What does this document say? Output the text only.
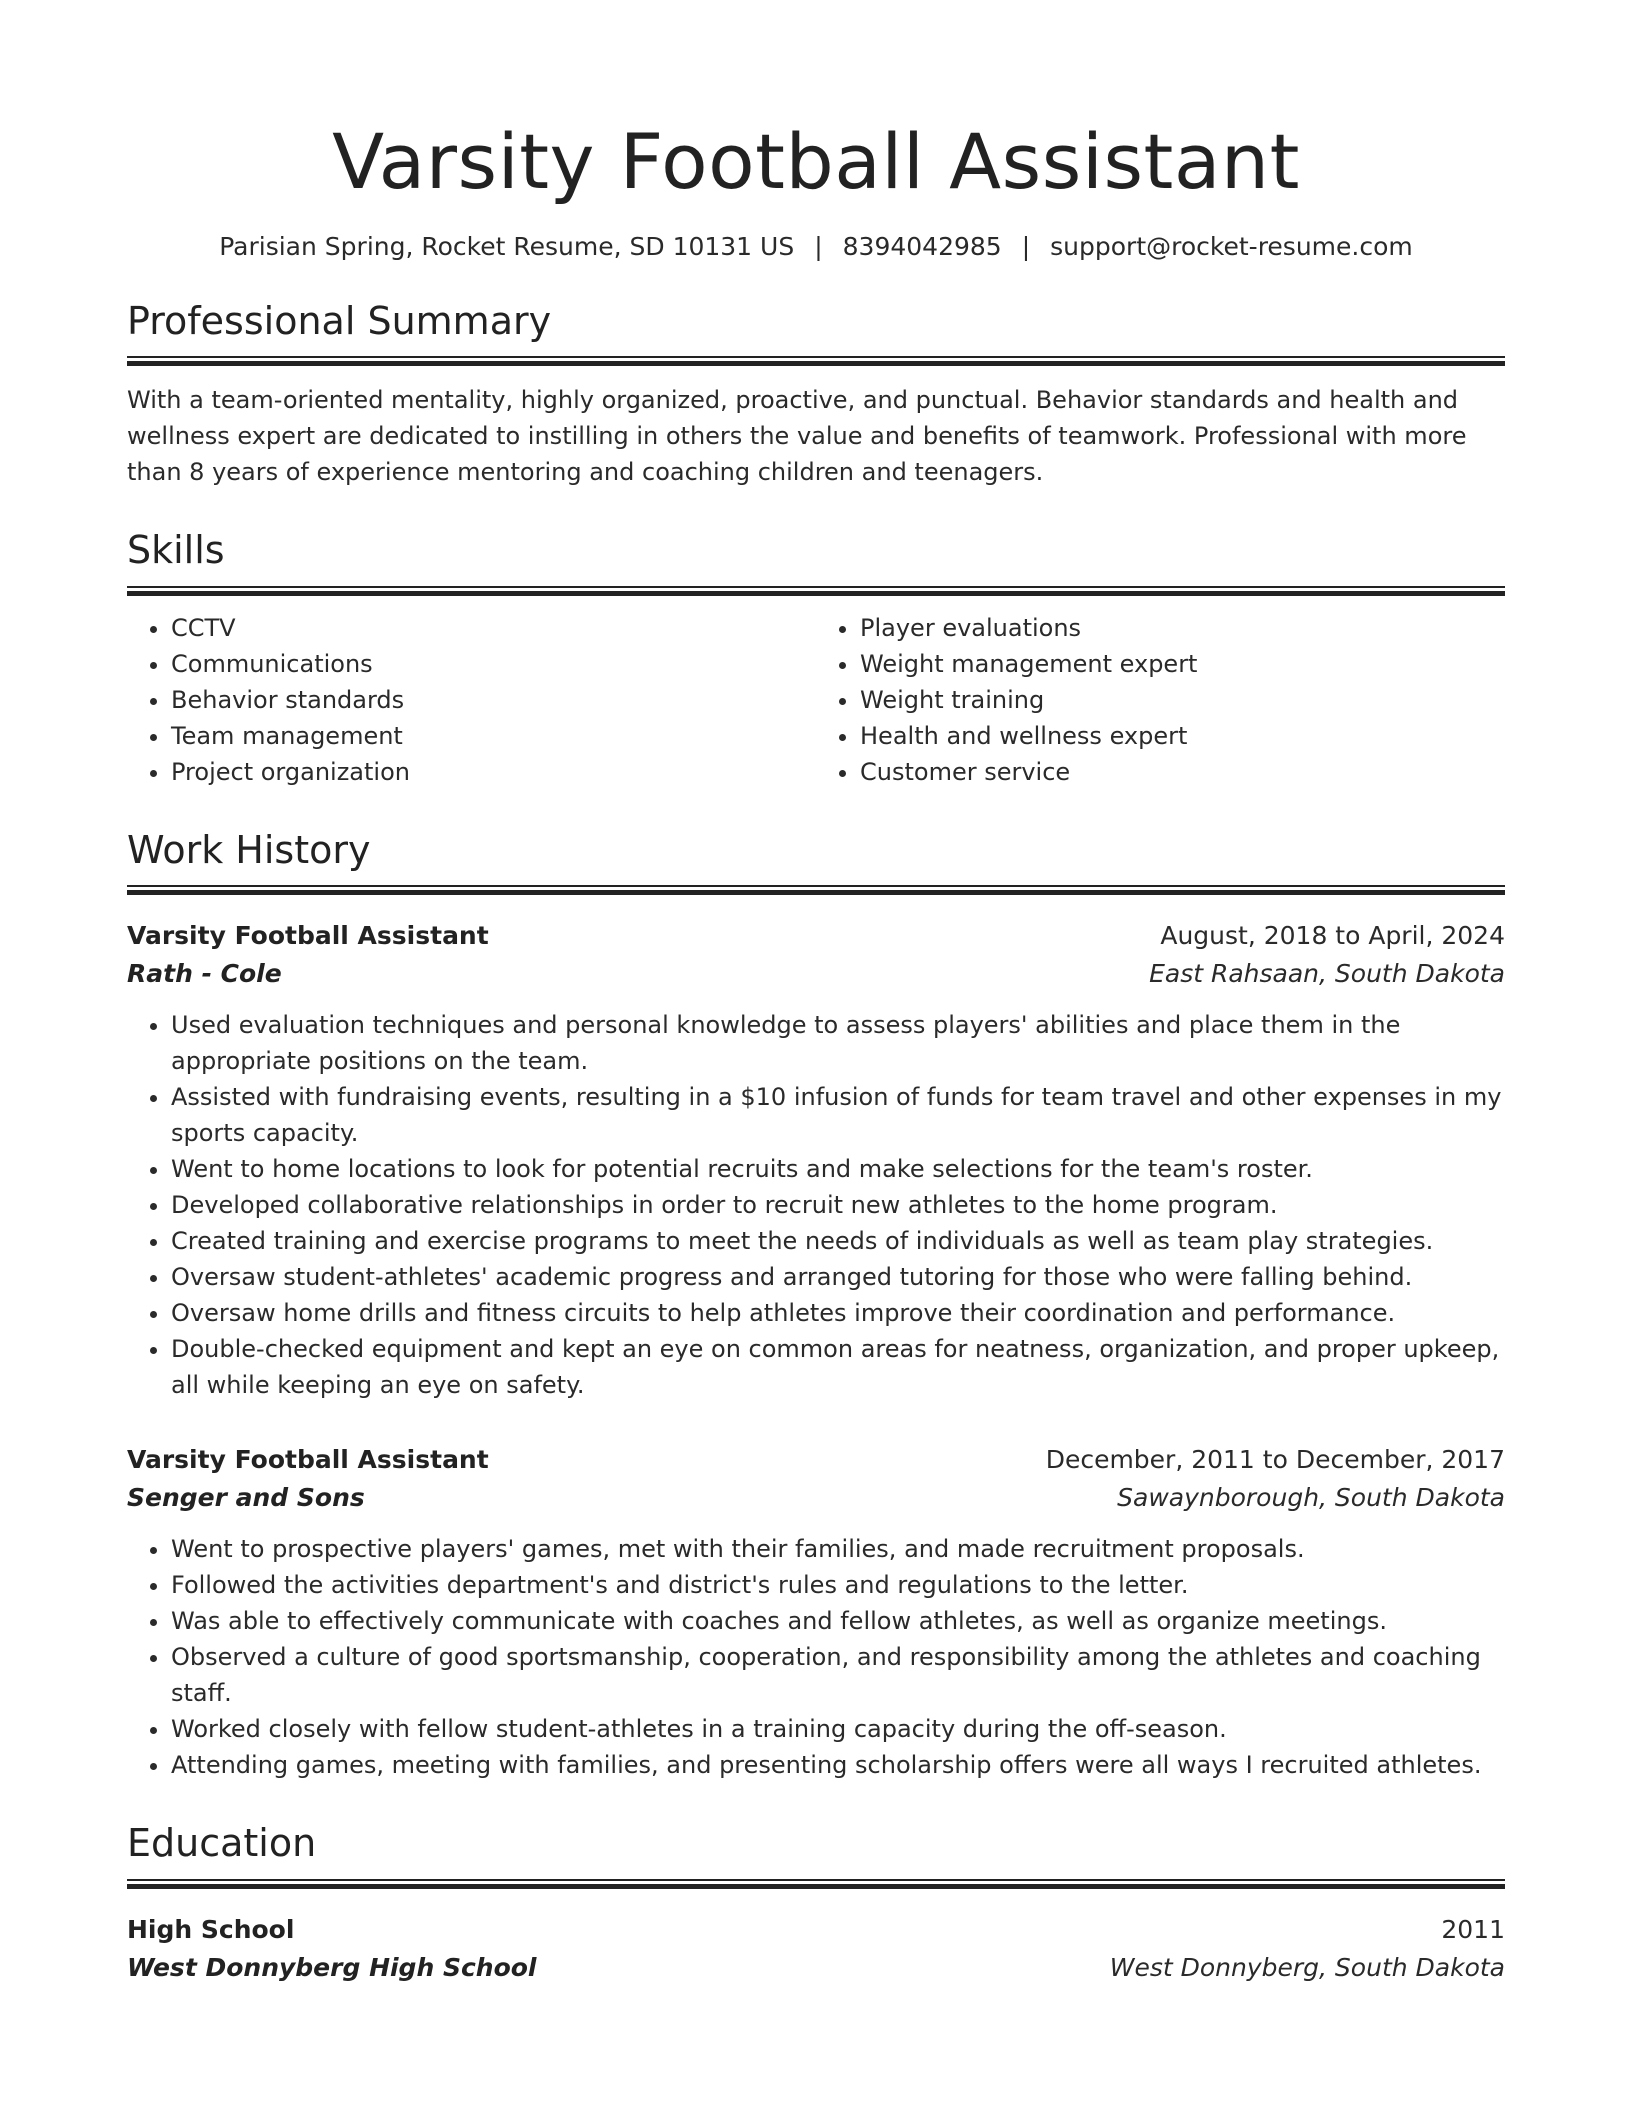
Varsity Football Assistant
Parisian Spring, Rocket Resume, SD 10131 US | 8394042985 | support@rocket-resume.com
Professional Summary
With a team-oriented mentality, highly organized, proactive, and punctual. Behavior standards and health and wellness expert are dedicated to instilling in others the value and benefits of teamwork. Professional with more than 8 years of experience mentoring and coaching children and teenagers.
Skills
• CCTV
• Communications
• Behavior standards
• Team management
• Project organization
• Player evaluations
• Weight management expert
• Weight training
• Health and wellness expert
• Customer service
Work History
Varsity Football Assistant	August, 2018 to April, 2024
Rath - Cole	East Rahsaan, South Dakota
• Used evaluation techniques and personal knowledge to assess players' abilities and place them in the appropriate positions on the team.
• Assisted with fundraising events, resulting in a $10 infusion of funds for team travel and other expenses in my sports capacity.
• Went to home locations to look for potential recruits and make selections for the team's roster.
• Developed collaborative relationships in order to recruit new athletes to the home program.
• Created training and exercise programs to meet the needs of individuals as well as team play strategies.
• Oversaw student-athletes' academic progress and arranged tutoring for those who were falling behind.
• Oversaw home drills and fitness circuits to help athletes improve their coordination and performance.
• Double-checked equipment and kept an eye on common areas for neatness, organization, and proper upkeep, all while keeping an eye on safety.
Varsity Football Assistant	December, 2011 to December, 2017
Senger and Sons	Sawaynborough, South Dakota
• Went to prospective players' games, met with their families, and made recruitment proposals.
• Followed the activities department's and district's rules and regulations to the letter.
• Was able to effectively communicate with coaches and fellow athletes, as well as organize meetings.
• Observed a culture of good sportsmanship, cooperation, and responsibility among the athletes and coaching staff.
• Worked closely with fellow student-athletes in a training capacity during the off-season.
• Attending games, meeting with families, and presenting scholarship offers were all ways I recruited athletes.
Education
High School	2011
West Donnyberg High School	West Donnyberg, South Dakota
